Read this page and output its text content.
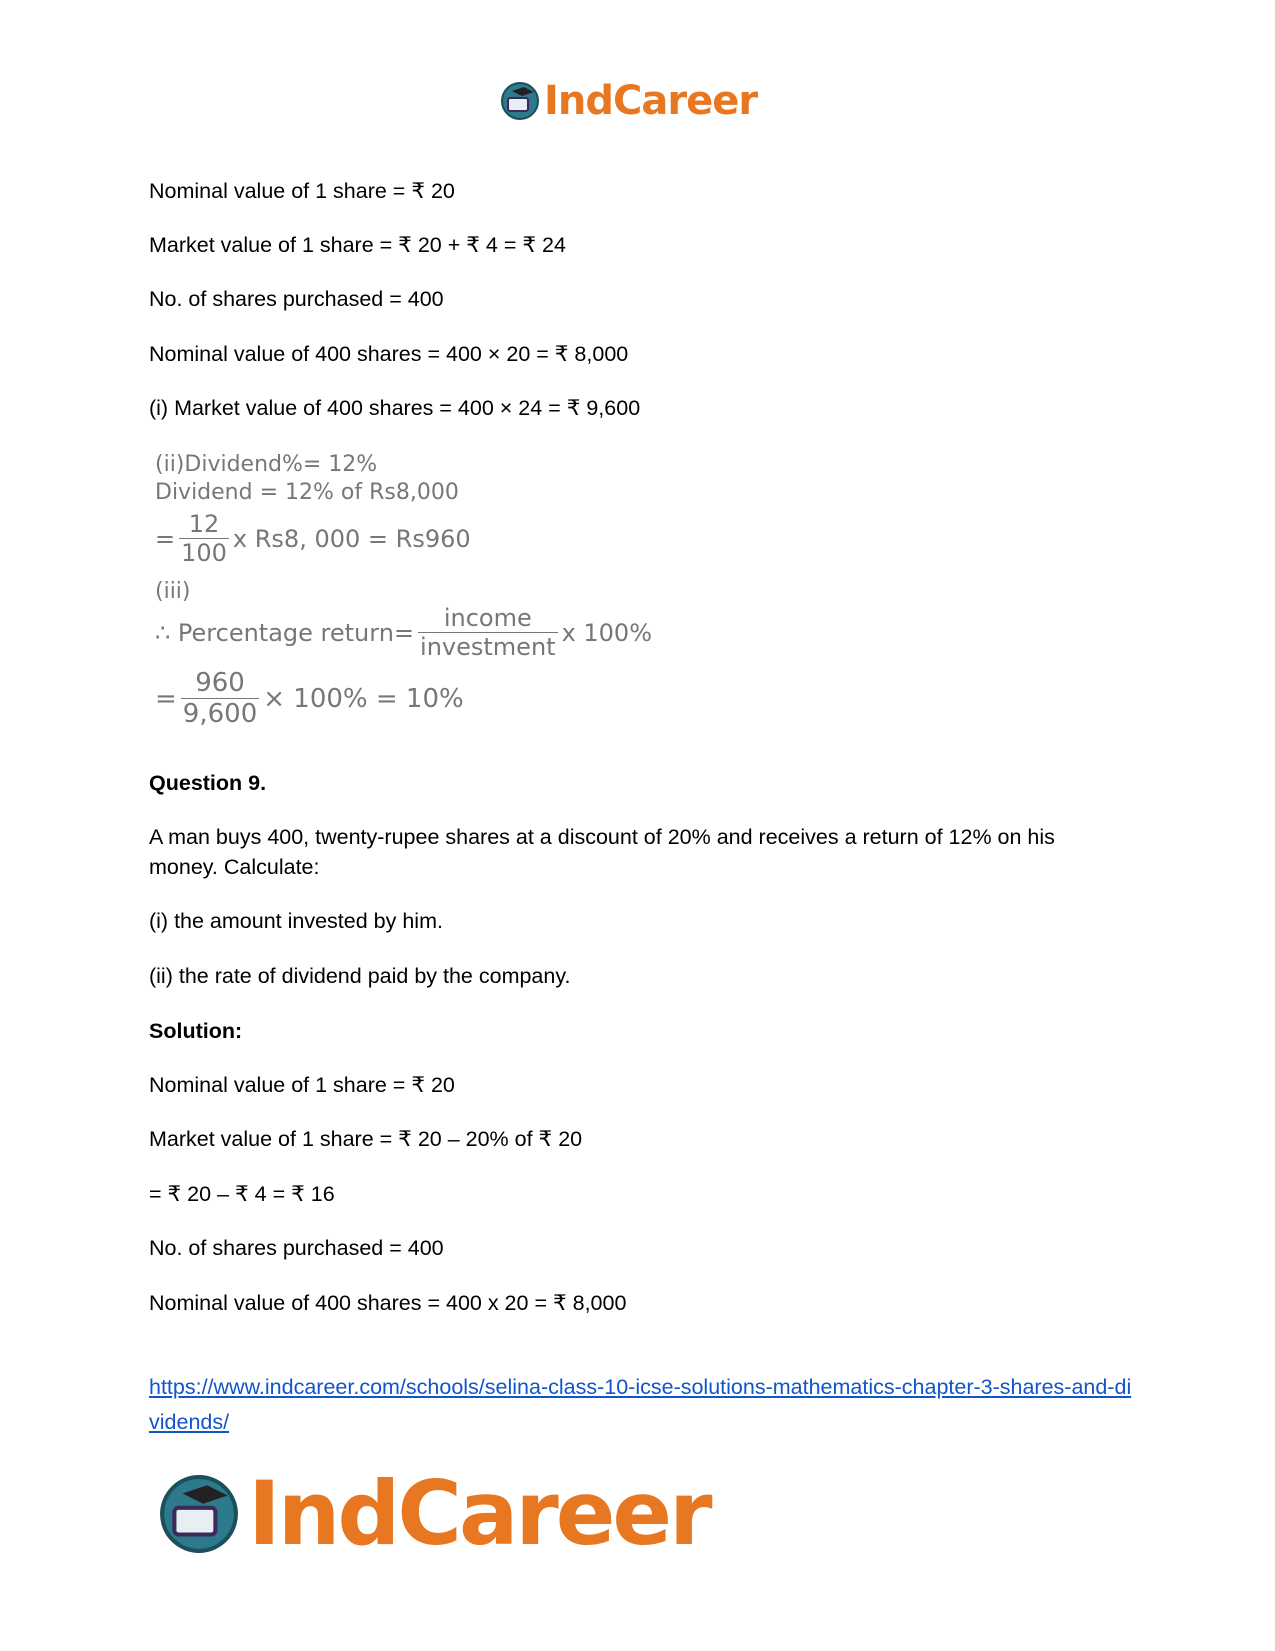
IndCareer
Nominal value of 1 share = ₹ 20
Market value of 1 share = ₹ 20 + ₹ 4 = ₹ 24
No. of shares purchased = 400
Nominal value of 400 shares = 400 × 20 = ₹ 8,000
(i) Market value of 400 shares = 400 × 24 = ₹ 9,600
(ii)Dividend%= 12%
Dividend = 12% of Rs8,000
= $\frac{12}{100}$ x Rs8, 000 = Rs960
(iii)
∴ Percentage return= $\frac{\text{income}}{\text{investment}}$ x 100%
= $\frac{960}{9,600} \times 100\% = 10\%$
Question 9.
A man buys 400, twenty-rupee shares at a discount of 20% and receives a return of 12% on his money. Calculate:
(i) the amount invested by him.
(ii) the rate of dividend paid by the company.
Solution:
Nominal value of 1 share = ₹ 20
Market value of 1 share = ₹ 20 – 20% of ₹ 20
= ₹ 20 – ₹ 4 = ₹ 16
No. of shares purchased = 400
Nominal value of 400 shares = 400 x 20 = ₹ 8,000
https://www.indcareer.com/schools/selina-class-10-icse-solutions-mathematics-chapter-3-shares-and-dividends/
IndCareer
